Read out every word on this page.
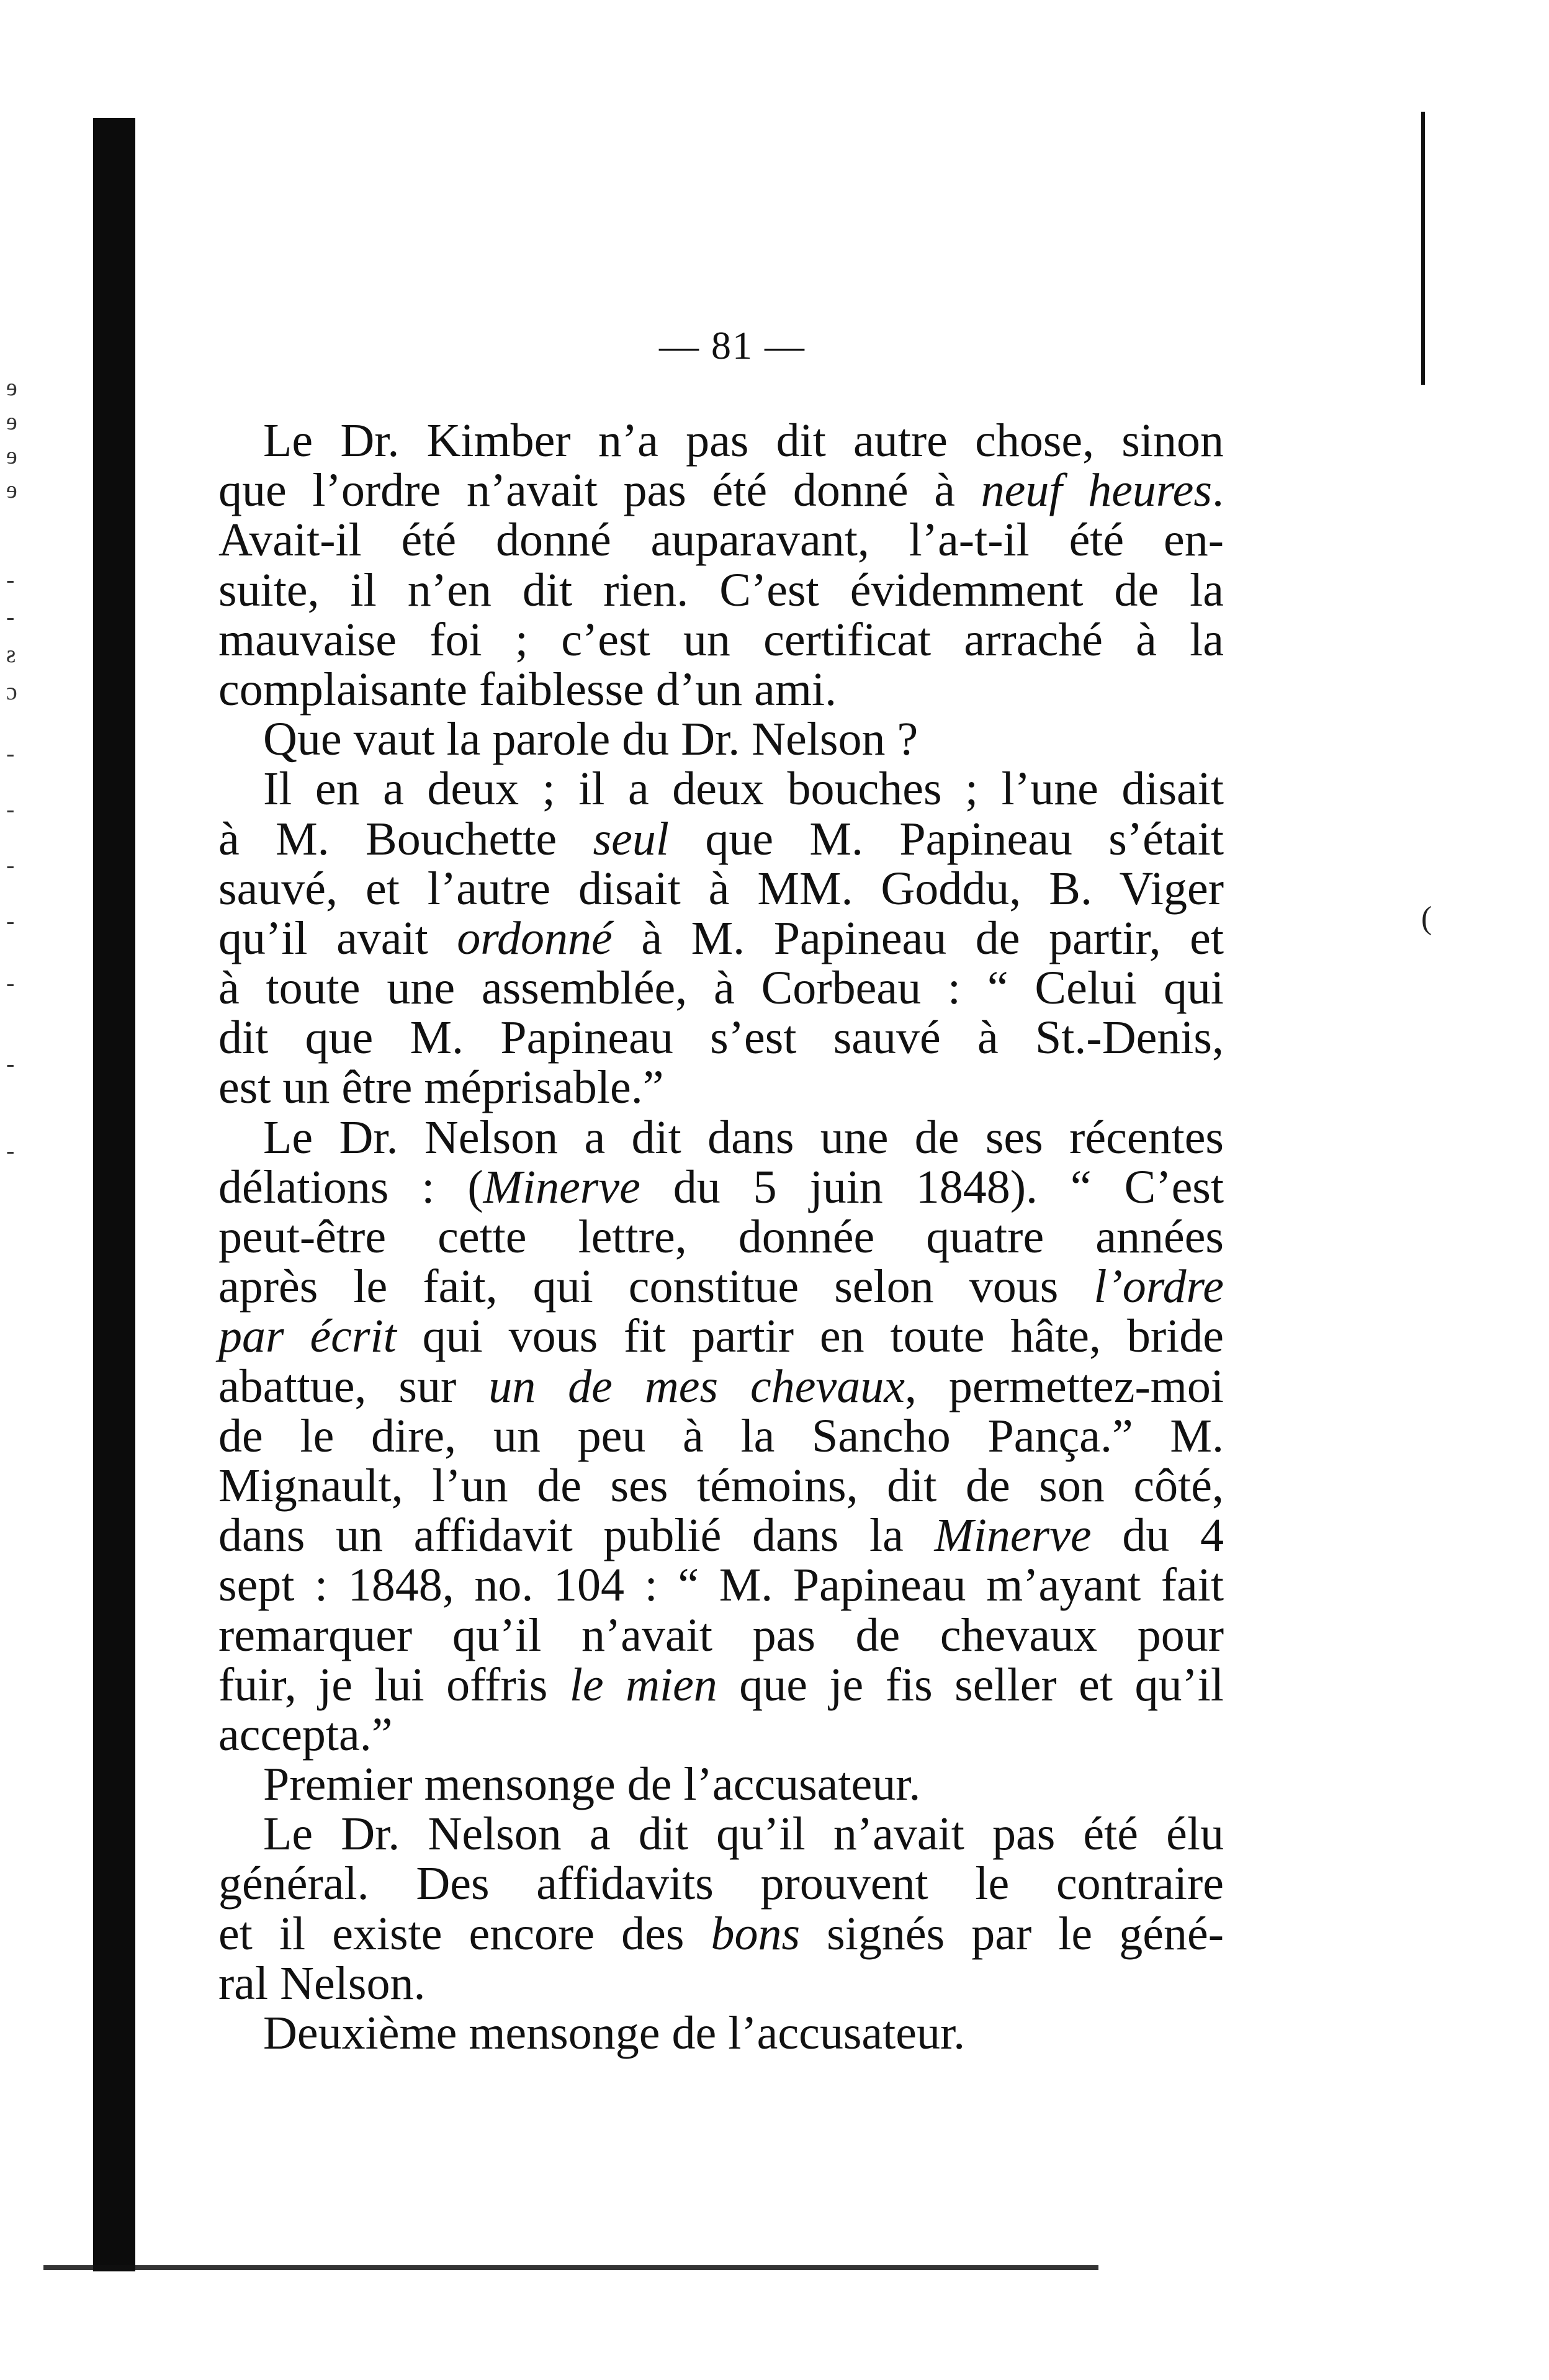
ɘ
ɘ
ɘ
ɘ
-
-
ƨ
ɔ
-
-
-
-
-
-
-
(
— 81 —
Le Dr. Kimber n’a pas dit autre chose, sinon
que l’ordre n’avait pas été donné à neuf heures.
Avait-il été donné auparavant, l’a-t-il été en-
suite, il n’en dit rien. C’est évidemment de la
mauvaise foi ; c’est un certificat arraché à la
complaisante faiblesse d’un ami.
Que vaut la parole du Dr. Nelson ?
Il en a deux ; il a deux bouches ; l’une disait
à M. Bouchette seul que M. Papineau s’était
sauvé, et l’autre disait à MM. Goddu, B. Viger
qu’il avait ordonné à M. Papineau de partir, et
à toute une assemblée, à Corbeau : “ Celui qui
dit que M. Papineau s’est sauvé à St.-Denis,
est un être méprisable.”
Le Dr. Nelson a dit dans une de ses récentes
délations : (Minerve du 5 juin 1848). “ C’est
peut-être cette lettre, donnée quatre années
après le fait, qui constitue selon vous l’ordre
par écrit qui vous fit partir en toute hâte, bride
abattue, sur un de mes chevaux, permettez-moi
de le dire, un peu à la Sancho Pança.” M.
Mignault, l’un de ses témoins, dit de son côté,
dans un affidavit publié dans la Minerve du 4
sept : 1848, no. 104 : “ M. Papineau m’ayant fait
remarquer qu’il n’avait pas de chevaux pour
fuir, je lui offris le mien que je fis seller et qu’il
accepta.”
Premier mensonge de l’accusateur.
Le Dr. Nelson a dit qu’il n’avait pas été élu
général. Des affidavits prouvent le contraire
et il existe encore des bons signés par le géné-
ral Nelson.
Deuxième mensonge de l’accusateur.
